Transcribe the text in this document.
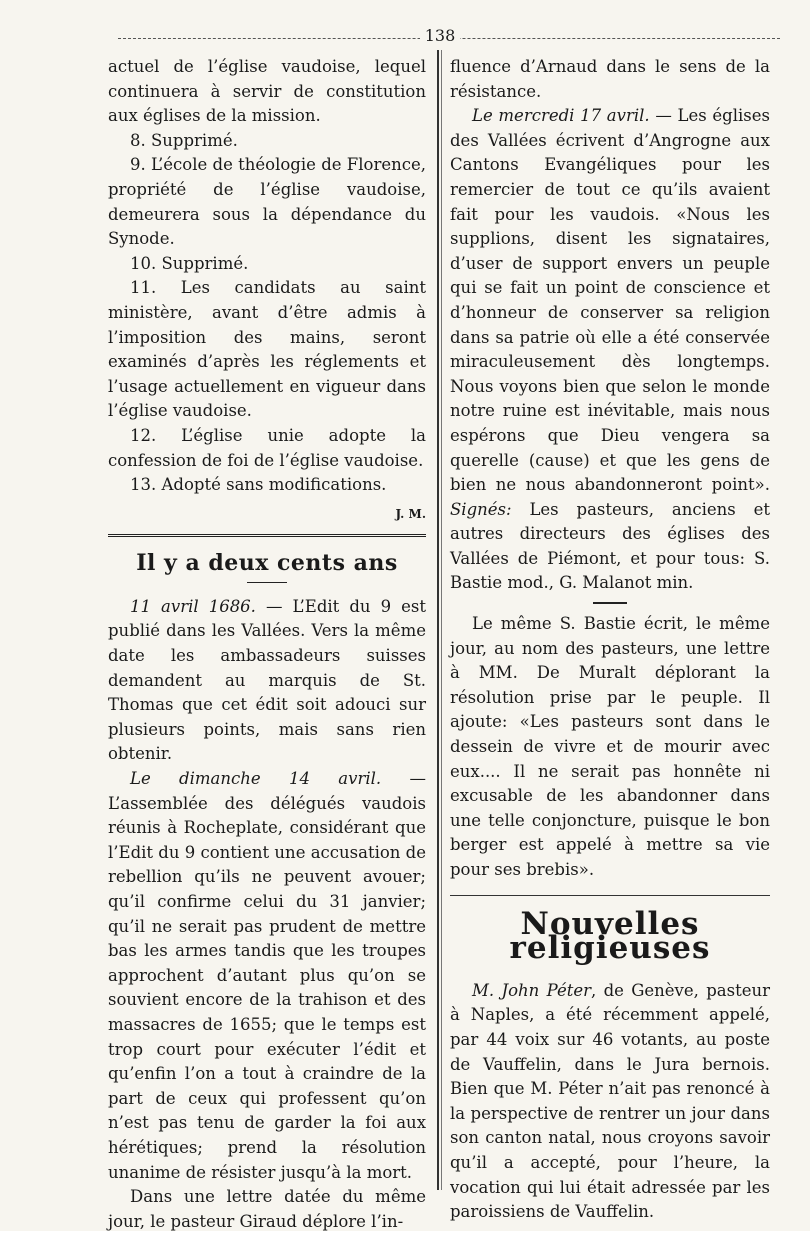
138

actuel de l’église vaudoise, lequel continuera à servir de constitution aux églises de la mission.

8. Supprimé.

9. L’école de théologie de Florence, propriété de l’église vaudoise, demeurera sous la dépendance du Synode.

10. Supprimé.

11. Les candidats au saint ministère, avant d’être admis à l’imposition des mains, seront examinés d’après les réglements et l’usage actuellement en vigueur dans l’église vaudoise.

12. L’église unie adopte la confession de foi de l’église vaudoise.

13. Adopté sans modifications.

J. M.

Il y a deux cents ans

11 avril 1686. — L’Edit du 9 est publié dans les Vallées. Vers la même date les ambassadeurs suisses demandent au marquis de St. Thomas que cet édit soit adouci sur plusieurs points, mais sans rien obtenir.

Le dimanche 14 avril. — L’assemblée des délégués vaudois réunis à Rocheplate, considérant que l’Edit du 9 contient une accusation de rebellion qu’ils ne peuvent avouer; qu’il confirme celui du 31 janvier; qu’il ne serait pas prudent de mettre bas les armes tandis que les troupes approchent d’autant plus qu’on se souvient encore de la trahison et des massacres de 1655; que le temps est trop court pour exécuter l’édit et qu’enfin l’on a tout à craindre de la part de ceux qui professent qu’on n’est pas tenu de garder la foi aux hérétiques; prend la résolution unanime de résister jusqu’à la mort.

Dans une lettre datée du même jour, le pasteur Giraud déplore l’in-

fluence d’Arnaud dans le sens de la résistance.

Le mercredi 17 avril. — Les églises des Vallées écrivent d’Angrogne aux Cantons Evangéliques pour les remercier de tout ce qu’ils avaient fait pour les vaudois. «Nous les supplions, disent les signataires, d’user de support envers un peuple qui se fait un point de conscience et d’honneur de conserver sa religion dans sa patrie où elle a été conservée miraculeusement dès longtemps. Nous voyons bien que selon le monde notre ruine est inévitable, mais nous espérons que Dieu vengera sa querelle (cause) et que les gens de bien ne nous abandonneront point». Signés: Les pasteurs, anciens et autres directeurs des églises des Vallées de Piémont, et pour tous: S. Bastie mod., G. Malanot min.

Le même S. Bastie écrit, le même jour, au nom des pasteurs, une lettre à MM. De Muralt déplorant la résolution prise par le peuple. Il ajoute: «Les pasteurs sont dans le dessein de vivre et de mourir avec eux.... Il ne serait pas honnête ni excusable de les abandonner dans une telle conjoncture, puisque le bon berger est appelé à mettre sa vie pour ses brebis».

Nouvelles religieuses

M. John Péter, de Genève, pasteur à Naples, a été récemment appelé, par 44 voix sur 46 votants, au poste de Vauffelin, dans le Jura bernois. Bien que M. Péter n’ait pas renoncé à la perspective de rentrer un jour dans son canton natal, nous croyons savoir qu’il a accepté, pour l’heure, la vocation qui lui était adressée par les paroissiens de Vauffelin.
